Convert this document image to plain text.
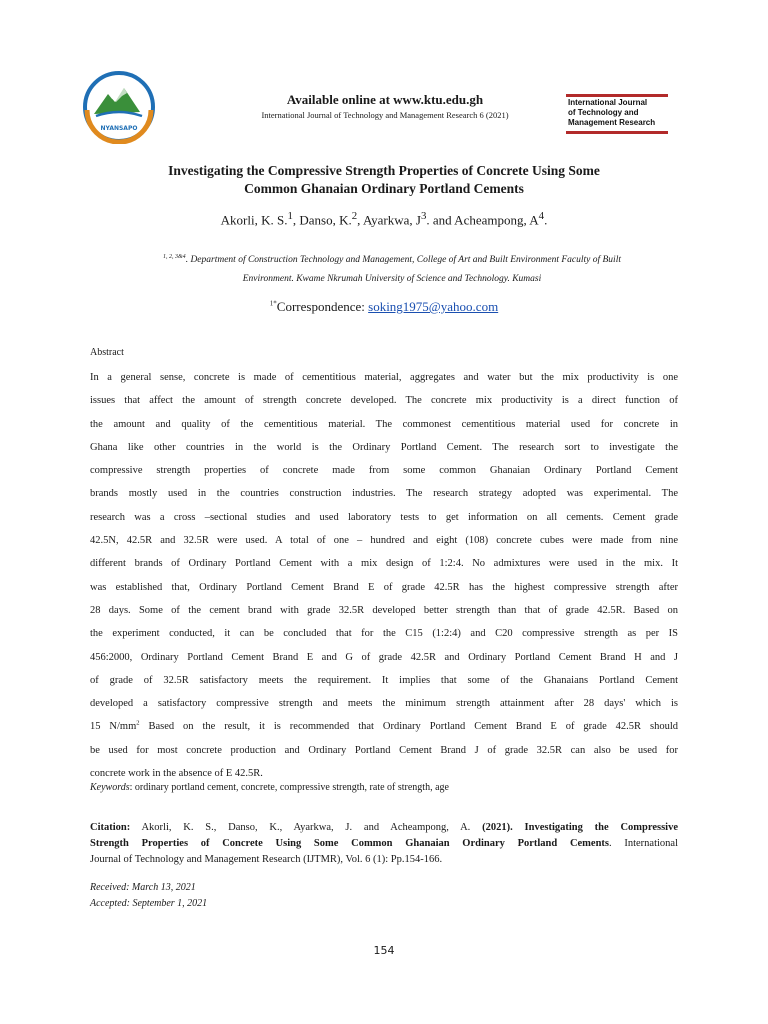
NYANSAPO
Available online at www.ktu.edu.gh
International Journal of Technology and Management Research 6 (2021)
International Journal
of Technology and
Management Research
Investigating the Compressive Strength Properties of Concrete Using Some
Common Ghanaian Ordinary Portland Cements
Akorli, K. S.$^1$, Danso, K.$^2$, Ayarkwa, $J^3$. and Acheampong, $A^4$.
$^{1, 2, 3\&4}$. Department of Construction Technology and Management, College of Art and Built Environment Faculty of Built
Environment. Kwame Nkrumah University of Science and Technology. Kumasi
$^{1*}$Correspondence: soking1975@yahoo.com
Abstract
In a general sense, concrete is made of cementitious material, aggregates and water but the mix productivity is one
issues that affect the amount of strength concrete developed. The concrete mix productivity is a direct function of
the amount and quality of the cementitious material. The commonest cementitious material used for concrete in
Ghana like other countries in the world is the Ordinary Portland Cement. The research sort to investigate the
compressive strength properties of concrete made from some common Ghanaian Ordinary Portland Cement
brands mostly used in the countries construction industries. The research strategy adopted was experimental. The
research was a cross –sectional studies and used laboratory tests to get information on all cements. Cement grade
42.5N, 42.5R and 32.5R were used. A total of one – hundred and eight (108) concrete cubes were made from nine
different brands of Ordinary Portland Cement with a mix design of 1:2:4. No admixtures were used in the mix. It
was established that, Ordinary Portland Cement Brand E of grade 42.5R has the highest compressive strength after
28 days. Some of the cement brand with grade 32.5R developed better strength than that of grade 42.5R. Based on
the experiment conducted, it can be concluded that for the C15 (1:2:4) and C20 compressive strength as per IS
456:2000, Ordinary Portland Cement Brand E and G of grade 42.5R and Ordinary Portland Cement Brand H and J
of grade of 32.5R satisfactory meets the requirement. It implies that some of the Ghanaians Portland Cement
developed a satisfactory compressive strength and meets the minimum strength attainment after 28 days' which is
15 $N/mm^2$ Based on the result, it is recommended that Ordinary Portland Cement Brand E of grade 42.5R should
be used for most concrete production and Ordinary Portland Cement Brand J of grade 32.5R can also be used for
concrete work in the absence of E 42.5R.
Keywords: ordinary portland cement, concrete, compressive strength, rate of strength, age
Citation: Akorli, K. S., Danso, K., Ayarkwa, J. and Acheampong, A. (2021). Investigating the Compressive
Strength Properties of Concrete Using Some Common Ghanaian Ordinary Portland Cements. International
Journal of Technology and Management Research (IJTMR), Vol. 6 (1): Pp.154-166.
Received: March 13, 2021
Accepted: September 1, 2021
154
